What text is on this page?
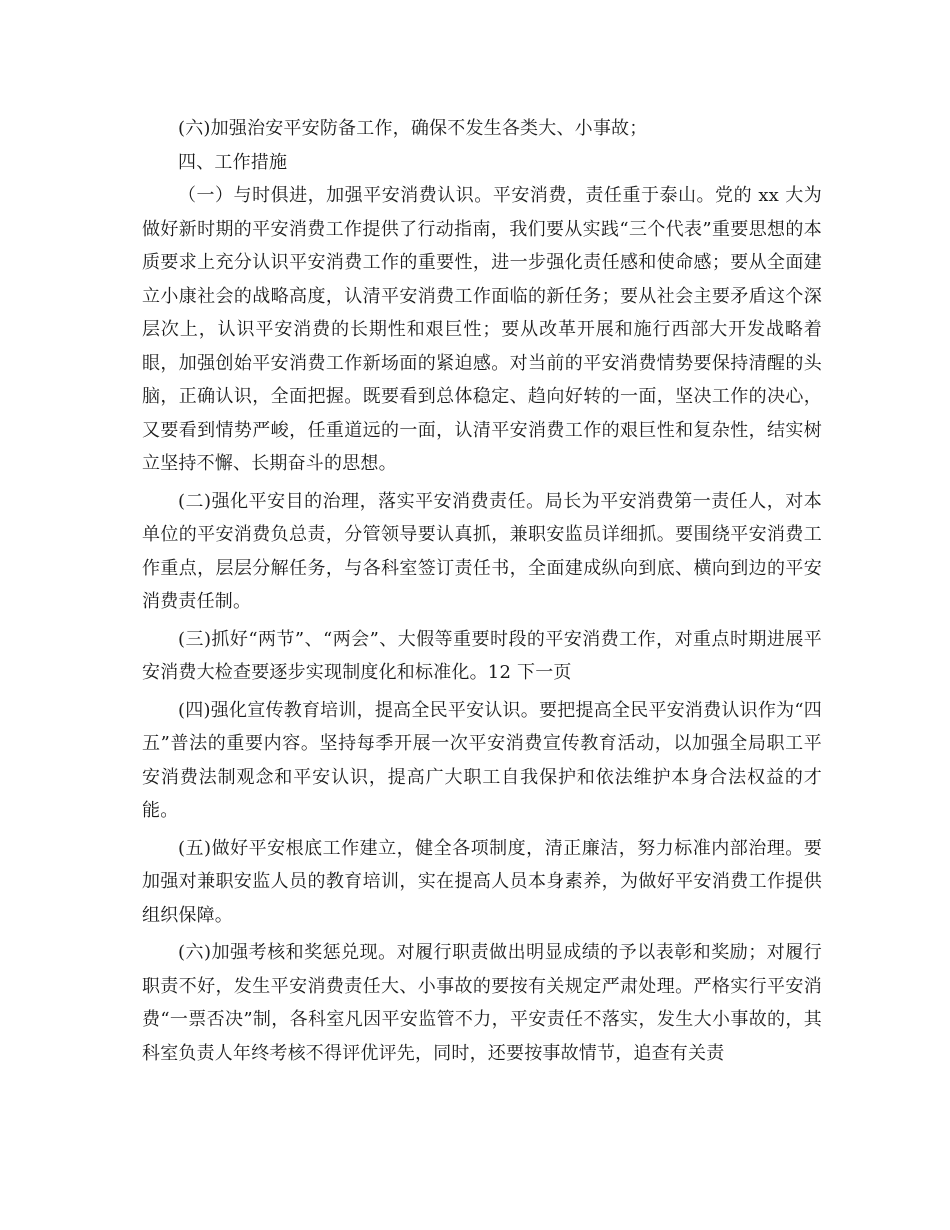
(六)加强治安平安防备工作，确保不发生各类大、小事故；

四、工作措施

（一）与时俱进，加强平安消费认识。平安消费，责任重于泰山。党的 xx 大为做好新时期的平安消费工作提供了行动指南，我们要从实践“三个代表”重要思想的本质要求上充分认识平安消费工作的重要性，进一步强化责任感和使命感；要从全面建立小康社会的战略高度，认清平安消费工作面临的新任务；要从社会主要矛盾这个深层次上，认识平安消费的长期性和艰巨性；要从改革开展和施行西部大开发战略着眼，加强创始平安消费工作新场面的紧迫感。对当前的平安消费情势要保持清醒的头脑，正确认识，全面把握。既要看到总体稳定、趋向好转的一面，坚决工作的决心，又要看到情势严峻，任重道远的一面，认清平安消费工作的艰巨性和复杂性，结实树立坚持不懈、长期奋斗的思想。

(二)强化平安目的治理，落实平安消费责任。局长为平安消费第一责任人，对本单位的平安消费负总责，分管领导要认真抓，兼职安监员详细抓。要围绕平安消费工作重点，层层分解任务，与各科室签订责任书，全面建成纵向到底、横向到边的平安消费责任制。

(三)抓好“两节”、“两会”、大假等重要时段的平安消费工作，对重点时期进展平安消费大检查要逐步实现制度化和标准化。12 下一页

(四)强化宣传教育培训，提高全民平安认识。要把提高全民平安消费认识作为“四五”普法的重要内容。坚持每季开展一次平安消费宣传教育活动，以加强全局职工平安消费法制观念和平安认识，提高广大职工自我保护和依法维护本身合法权益的才能。

(五)做好平安根底工作建立，健全各项制度，清正廉洁，努力标准内部治理。要加强对兼职安监人员的教育培训，实在提高人员本身素养，为做好平安消费工作提供组织保障。

(六)加强考核和奖惩兑现。对履行职责做出明显成绩的予以表彰和奖励；对履行职责不好，发生平安消费责任大、小事故的要按有关规定严肃处理。严格实行平安消费“一票否决”制，各科室凡因平安监管不力，平安责任不落实，发生大小事故的，其科室负责人年终考核不得评优评先，同时，还要按事故情节，追查有关责
